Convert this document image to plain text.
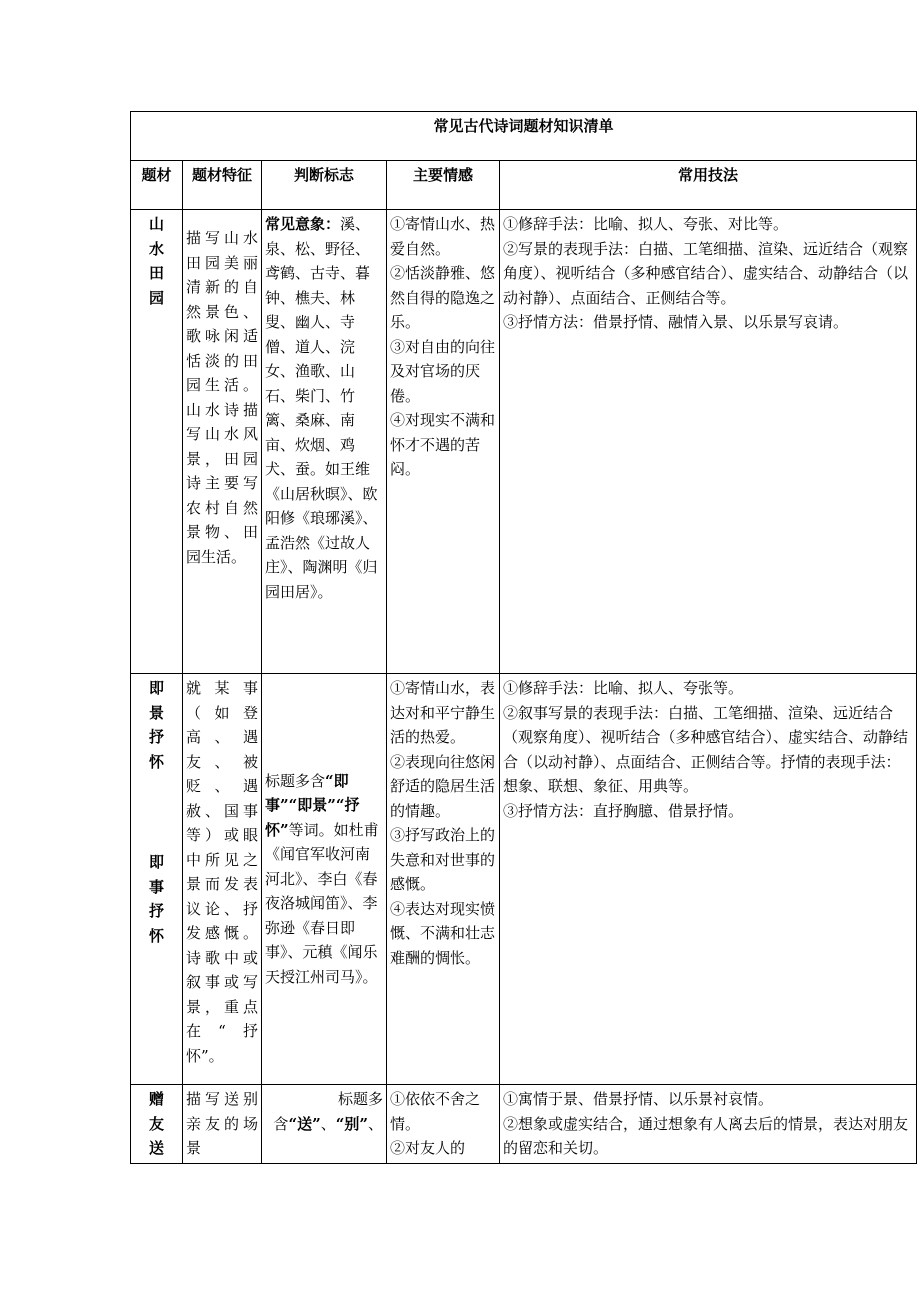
常见古代诗词题材知识清单				
题材	题材特征	判断标志	主要情感	常用技法

山水田园	描写山水田园美丽清新的自然景色、歌咏闲适恬淡的田园生活。山水诗描写山水风景，田园诗主要写农村自然景物、田园生活。	常见意象：溪、泉、松、野径、鸢鹤、古寺、暮钟、樵夫、林叟、幽人、寺僧、道人、浣女、渔歌、山石、柴门、竹篱、桑麻、南亩、炊烟、鸡犬、蚕。如王维《山居秋暝》、欧阳修《琅琊溪》、孟浩然《过故人庄》、陶渊明《归园田居》。	①寄情山水、热爱自然。
②恬淡静雅、悠然自得的隐逸之乐。
③对自由的向往及对官场的厌倦。
④对现实不满和怀才不遇的苦闷。	①修辞手法：比喻、拟人、夸张、对比等。
②写景的表现手法：白描、工笔细描、渲染、远近结合（观察角度）、视听结合（多种感官结合）、虚实结合、动静结合（以动衬静）、点面结合、正侧结合等。
③抒情方法：借景抒情、融情入景、以乐景写哀请。

即景抒怀
即事抒怀	就某事（如登高、遇友、被贬、遇赦、国事等）或眼中所见之景而发表议论、抒发感慨。诗歌中或叙事或写景，重点在“抒怀”。	标题多含“即事”“即景”“抒怀”等词。如杜甫《闻官军收河南河北》、李白《春夜洛城闻笛》、李弥逊《春日即事》、元稹《闻乐天授江州司马》。	①寄情山水，表达对和平宁静生活的热爱。
②表现向往悠闲舒适的隐居生活的情趣。
③抒写政治上的失意和对世事的感慨。
④表达对现实愤慨、不满和壮志难酬的惆怅。	①修辞手法：比喻、拟人、夸张等。
②叙事写景的表现手法：白描、工笔细描、渲染、远近结合（观察角度）、视听结合（多种感官结合）、虚实结合、动静结合（以动衬静）、点面结合、正侧结合等。抒情的表现手法：想象、联想、象征、用典等。
③抒情方法：直抒胸臆、借景抒情。

赠友送	描写送别亲友的场景	标题多含“送”、“别”、	①依依不舍之情。
②对友人的	①寓情于景、借景抒情、以乐景衬哀情。
②想象或虚实结合，通过想象有人离去后的情景，表达对朋友的留恋和关切。
